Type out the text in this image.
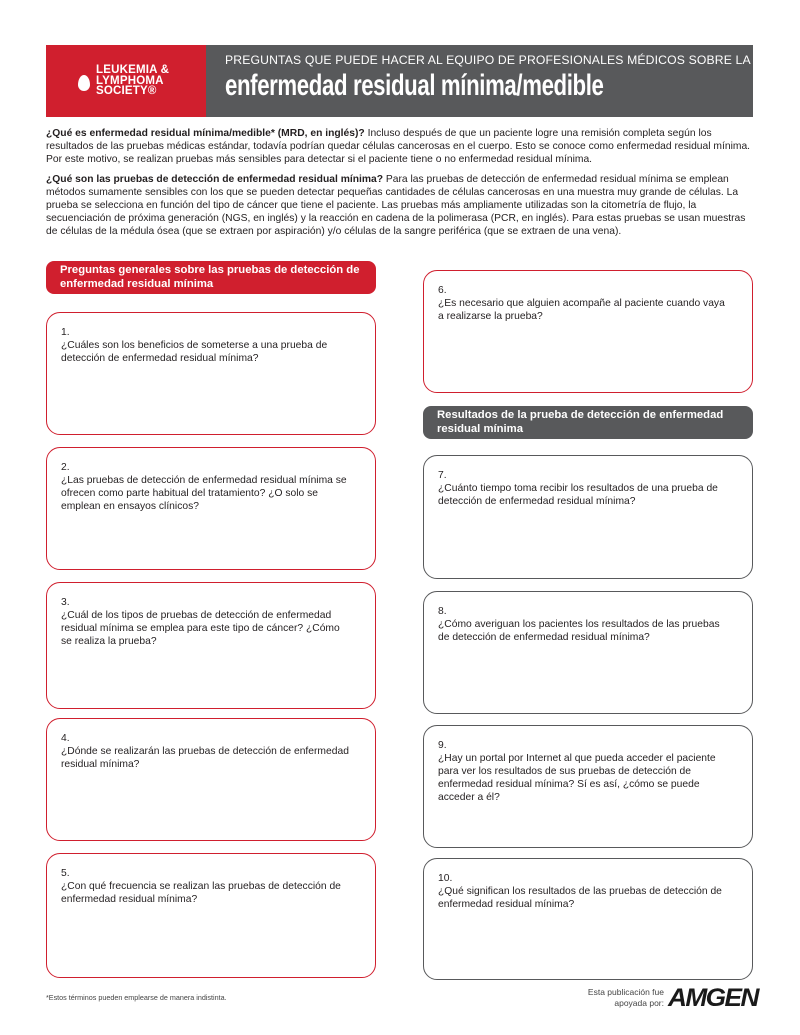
LEUKEMIA &
LYMPHOMA
SOCIETY®
PREGUNTAS QUE PUEDE HACER AL EQUIPO DE PROFESIONALES MÉDICOS SOBRE LA
enfermedad residual mínima/medible

¿Qué es enfermedad residual mínima/medible* (MRD, en inglés)? Incluso después de que un paciente logre una remisión completa según los resultados de las pruebas médicas estándar, todavía podrían quedar células cancerosas en el cuerpo. Esto se conoce como enfermedad residual mínima. Por este motivo, se realizan pruebas más sensibles para detectar si el paciente tiene o no enfermedad residual mínima.

¿Qué son las pruebas de detección de enfermedad residual mínima? Para las pruebas de detección de enfermedad residual mínima se emplean métodos sumamente sensibles con los que se pueden detectar pequeñas cantidades de células cancerosas en una muestra muy grande de células. La prueba se selecciona en función del tipo de cáncer que tiene el paciente. Las pruebas más ampliamente utilizadas son la citometría de flujo, la secuenciación de próxima generación (NGS, en inglés) y la reacción en cadena de la polimerasa (PCR, en inglés). Para estas pruebas se usan muestras de células de la médula ósea (que se extraen por aspiración) y/o células de la sangre periférica (que se extraen de una vena).

Preguntas generales sobre las pruebas de detección de enfermedad residual mínima
Resultados de la prueba de detección de enfermedad residual mínima
1.¿Cuáles son los beneficios de someterse a una prueba de detección de enfermedad residual mínima?
2.¿Las pruebas de detección de enfermedad residual mínima se ofrecen como parte habitual del tratamiento? ¿O solo se emplean en ensayos clínicos?
3.¿Cuál de los tipos de pruebas de detección de enfermedad residual mínima se emplea para este tipo de cáncer? ¿Cómo se realiza la prueba?
4.¿Dónde se realizarán las pruebas de detección de enfermedad residual mínima?
5.¿Con qué frecuencia se realizan las pruebas de detección de enfermedad residual mínima?
6.¿Es necesario que alguien acompañe al paciente cuando vaya a realizarse la prueba?
7.¿Cuánto tiempo toma recibir los resultados de una prueba de detección de enfermedad residual mínima?
8.¿Cómo averiguan los pacientes los resultados de las pruebas de detección de enfermedad residual mínima?
9.¿Hay un portal por Internet al que pueda acceder el paciente para ver los resultados de sus pruebas de detección de enfermedad residual mínima? Sí es así, ¿cómo se puede acceder a él?
10.¿Qué significan los resultados de las pruebas de detección de enfermedad residual mínima?
*Estos términos pueden emplearse de manera indistinta.
Esta publicación fue
apoyada por: AMGEN
